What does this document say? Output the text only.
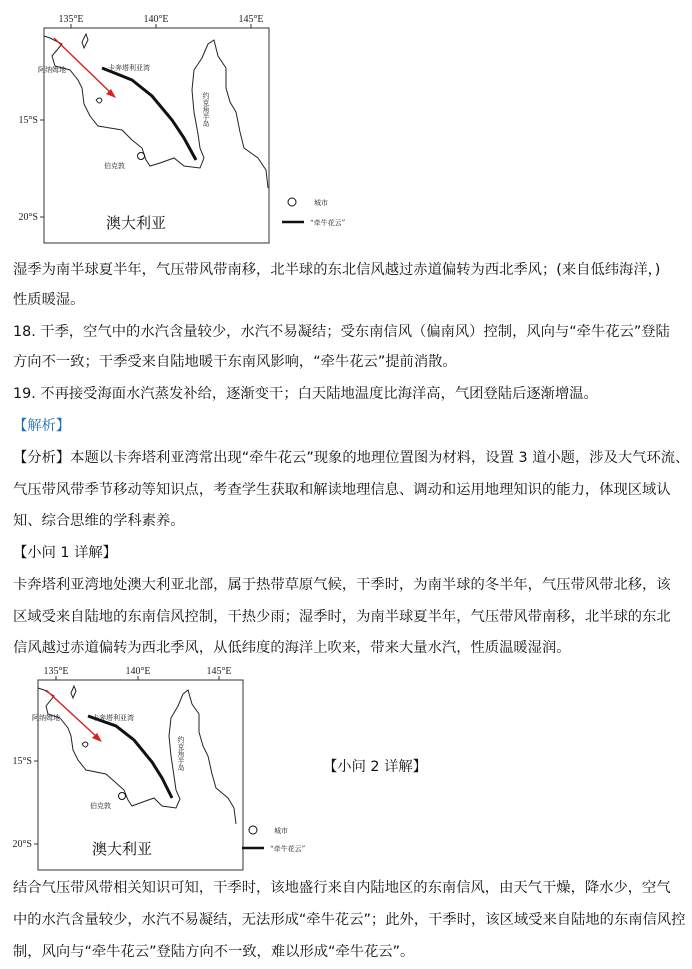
135°E	140°E	145°E
15°S
20°S
阿纳姆地	卡奔塔利亚湾
约克角半岛
伯克敦
澳大利亚
城市
“牵牛花云”
湿季为南半球夏半年，气压带风带南移，北半球的东北信风越过赤道偏转为西北季风；(来自低纬海洋，)
性质暖湿。
18. 干季，空气中的水汽含量较少，水汽不易凝结；受东南信风（偏南风）控制，风向与“牵牛花云”登陆
方向不一致；干季受来自陆地暖干东南风影响，“牵牛花云”提前消散。
19. 不再接受海面水汽蒸发补给，逐渐变干；白天陆地温度比海洋高，气团登陆后逐渐增温。
【解析】
【分析】本题以卡奔塔利亚湾常出现“牵牛花云”现象的地理位置图为材料，设置 3 道小题，涉及大气环流、
气压带风带季节移动等知识点，考查学生获取和解读地理信息、调动和运用地理知识的能力，体现区域认
知、综合思维的学科素养。
【小问 1 详解】
卡奔塔利亚湾地处澳大利亚北部，属于热带草原气候，干季时，为南半球的冬半年，气压带风带北移，该
区域受来自陆地的东南信风控制，干热少雨；湿季时，为南半球夏半年，气压带风带南移，北半球的东北
信风越过赤道偏转为西北季风，从低纬度的海洋上吹来，带来大量水汽，性质温暖湿润。
135°E	140°E	145°E
15°S
20°S
阿纳姆地	卡奔塔利亚湾
约克角半岛
伯克敦
澳大利亚
城市
“牵牛花云”
【小问 2 详解】
结合气压带风带相关知识可知，干季时，该地盛行来自内陆地区的东南信风，由天气干燥，降水少，空气
中的水汽含量较少，水汽不易凝结，无法形成“牵牛花云”；此外，干季时，该区域受来自陆地的东南信风控
制，风向与“牵牛花云”登陆方向不一致，难以形成“牵牛花云”。
